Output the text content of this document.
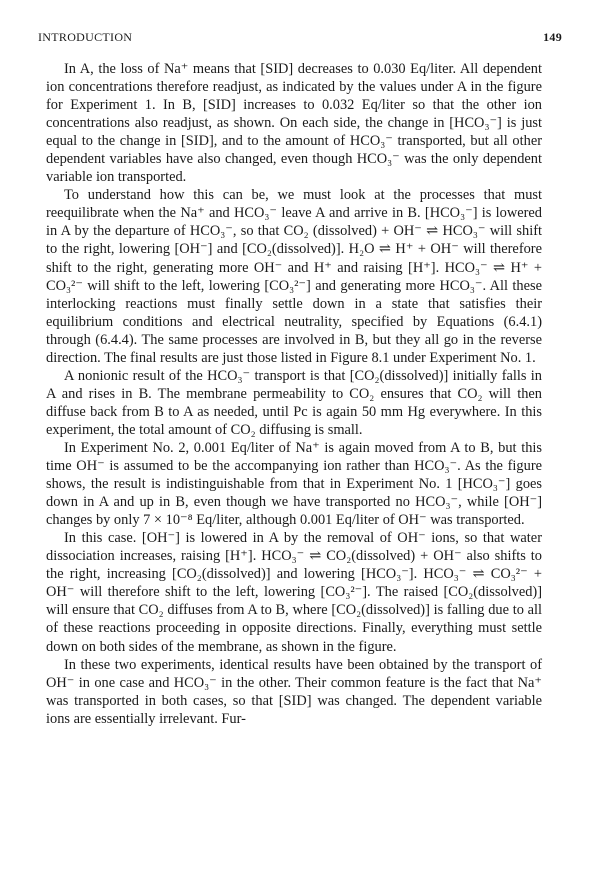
INTRODUCTION	149

In A, the loss of Na⁺ means that [SID] decreases to 0.030 Eq/liter. All dependent ion concentrations therefore readjust, as indicated by the values under A in the figure for Experiment 1. In B, [SID] increases to 0.032 Eq/liter so that the other ion concentrations also readjust, as shown. On each side, the change in [HCO₃⁻] is just equal to the change in [SID], and to the amount of HCO₃⁻ transported, but all other dependent variables have also changed, even though HCO₃⁻ was the only dependent variable ion transported.

To understand how this can be, we must look at the processes that must reequilibrate when the Na⁺ and HCO₃⁻ leave A and arrive in B. [HCO₃⁻] is lowered in A by the departure of HCO₃⁻, so that CO₂ (dissolved) + OH⁻ ⇌ HCO₃⁻ will shift to the right, lowering [OH⁻] and [CO₂(dissolved)]. H₂O ⇌ H⁺ + OH⁻ will therefore shift to the right, generating more OH⁻ and H⁺ and raising [H⁺]. HCO₃⁻ ⇌ H⁺ + CO₃²⁻ will shift to the left, lowering [CO₃²⁻] and generating more HCO₃⁻. All these interlocking reactions must finally settle down in a state that satisfies their equilibrium conditions and electrical neutrality, specified by Equations (6.4.1) through (6.4.4). The same processes are involved in B, but they all go in the reverse direction. The final results are just those listed in Figure 8.1 under Experiment No. 1.

A nonionic result of the HCO₃⁻ transport is that [CO₂(dissolved)] initially falls in A and rises in B. The membrane permeability to CO₂ ensures that CO₂ will then diffuse back from B to A as needed, until Pc is again 50 mm Hg everywhere. In this experiment, the total amount of CO₂ diffusing is small.

In Experiment No. 2, 0.001 Eq/liter of Na⁺ is again moved from A to B, but this time OH⁻ is assumed to be the accompanying ion rather than HCO₃⁻. As the figure shows, the result is indistinguishable from that in Experiment No. 1 [HCO₃⁻] goes down in A and up in B, even though we have transported no HCO₃⁻, while [OH⁻] changes by only 7 × 10⁻⁸ Eq/liter, although 0.001 Eq/liter of OH⁻ was transported.

In this case. [OH⁻] is lowered in A by the removal of OH⁻ ions, so that water dissociation increases, raising [H⁺]. HCO₃⁻ ⇌ CO₂(dissolved) + OH⁻ also shifts to the right, increasing [CO₂(dissolved)] and lowering [HCO₃⁻]. HCO₃⁻ ⇌ CO₃²⁻ + OH⁻ will therefore shift to the left, lowering [CO₃²⁻]. The raised [CO₂(dissolved)] will ensure that CO₂ diffuses from A to B, where [CO₂(dissolved)] is falling due to all of these reactions proceeding in opposite directions. Finally, everything must settle down on both sides of the membrane, as shown in the figure.

In these two experiments, identical results have been obtained by the transport of OH⁻ in one case and HCO₃⁻ in the other. Their common feature is the fact that Na⁺ was transported in both cases, so that [SID] was changed. The dependent variable ions are essentially irrelevant. Fur-
